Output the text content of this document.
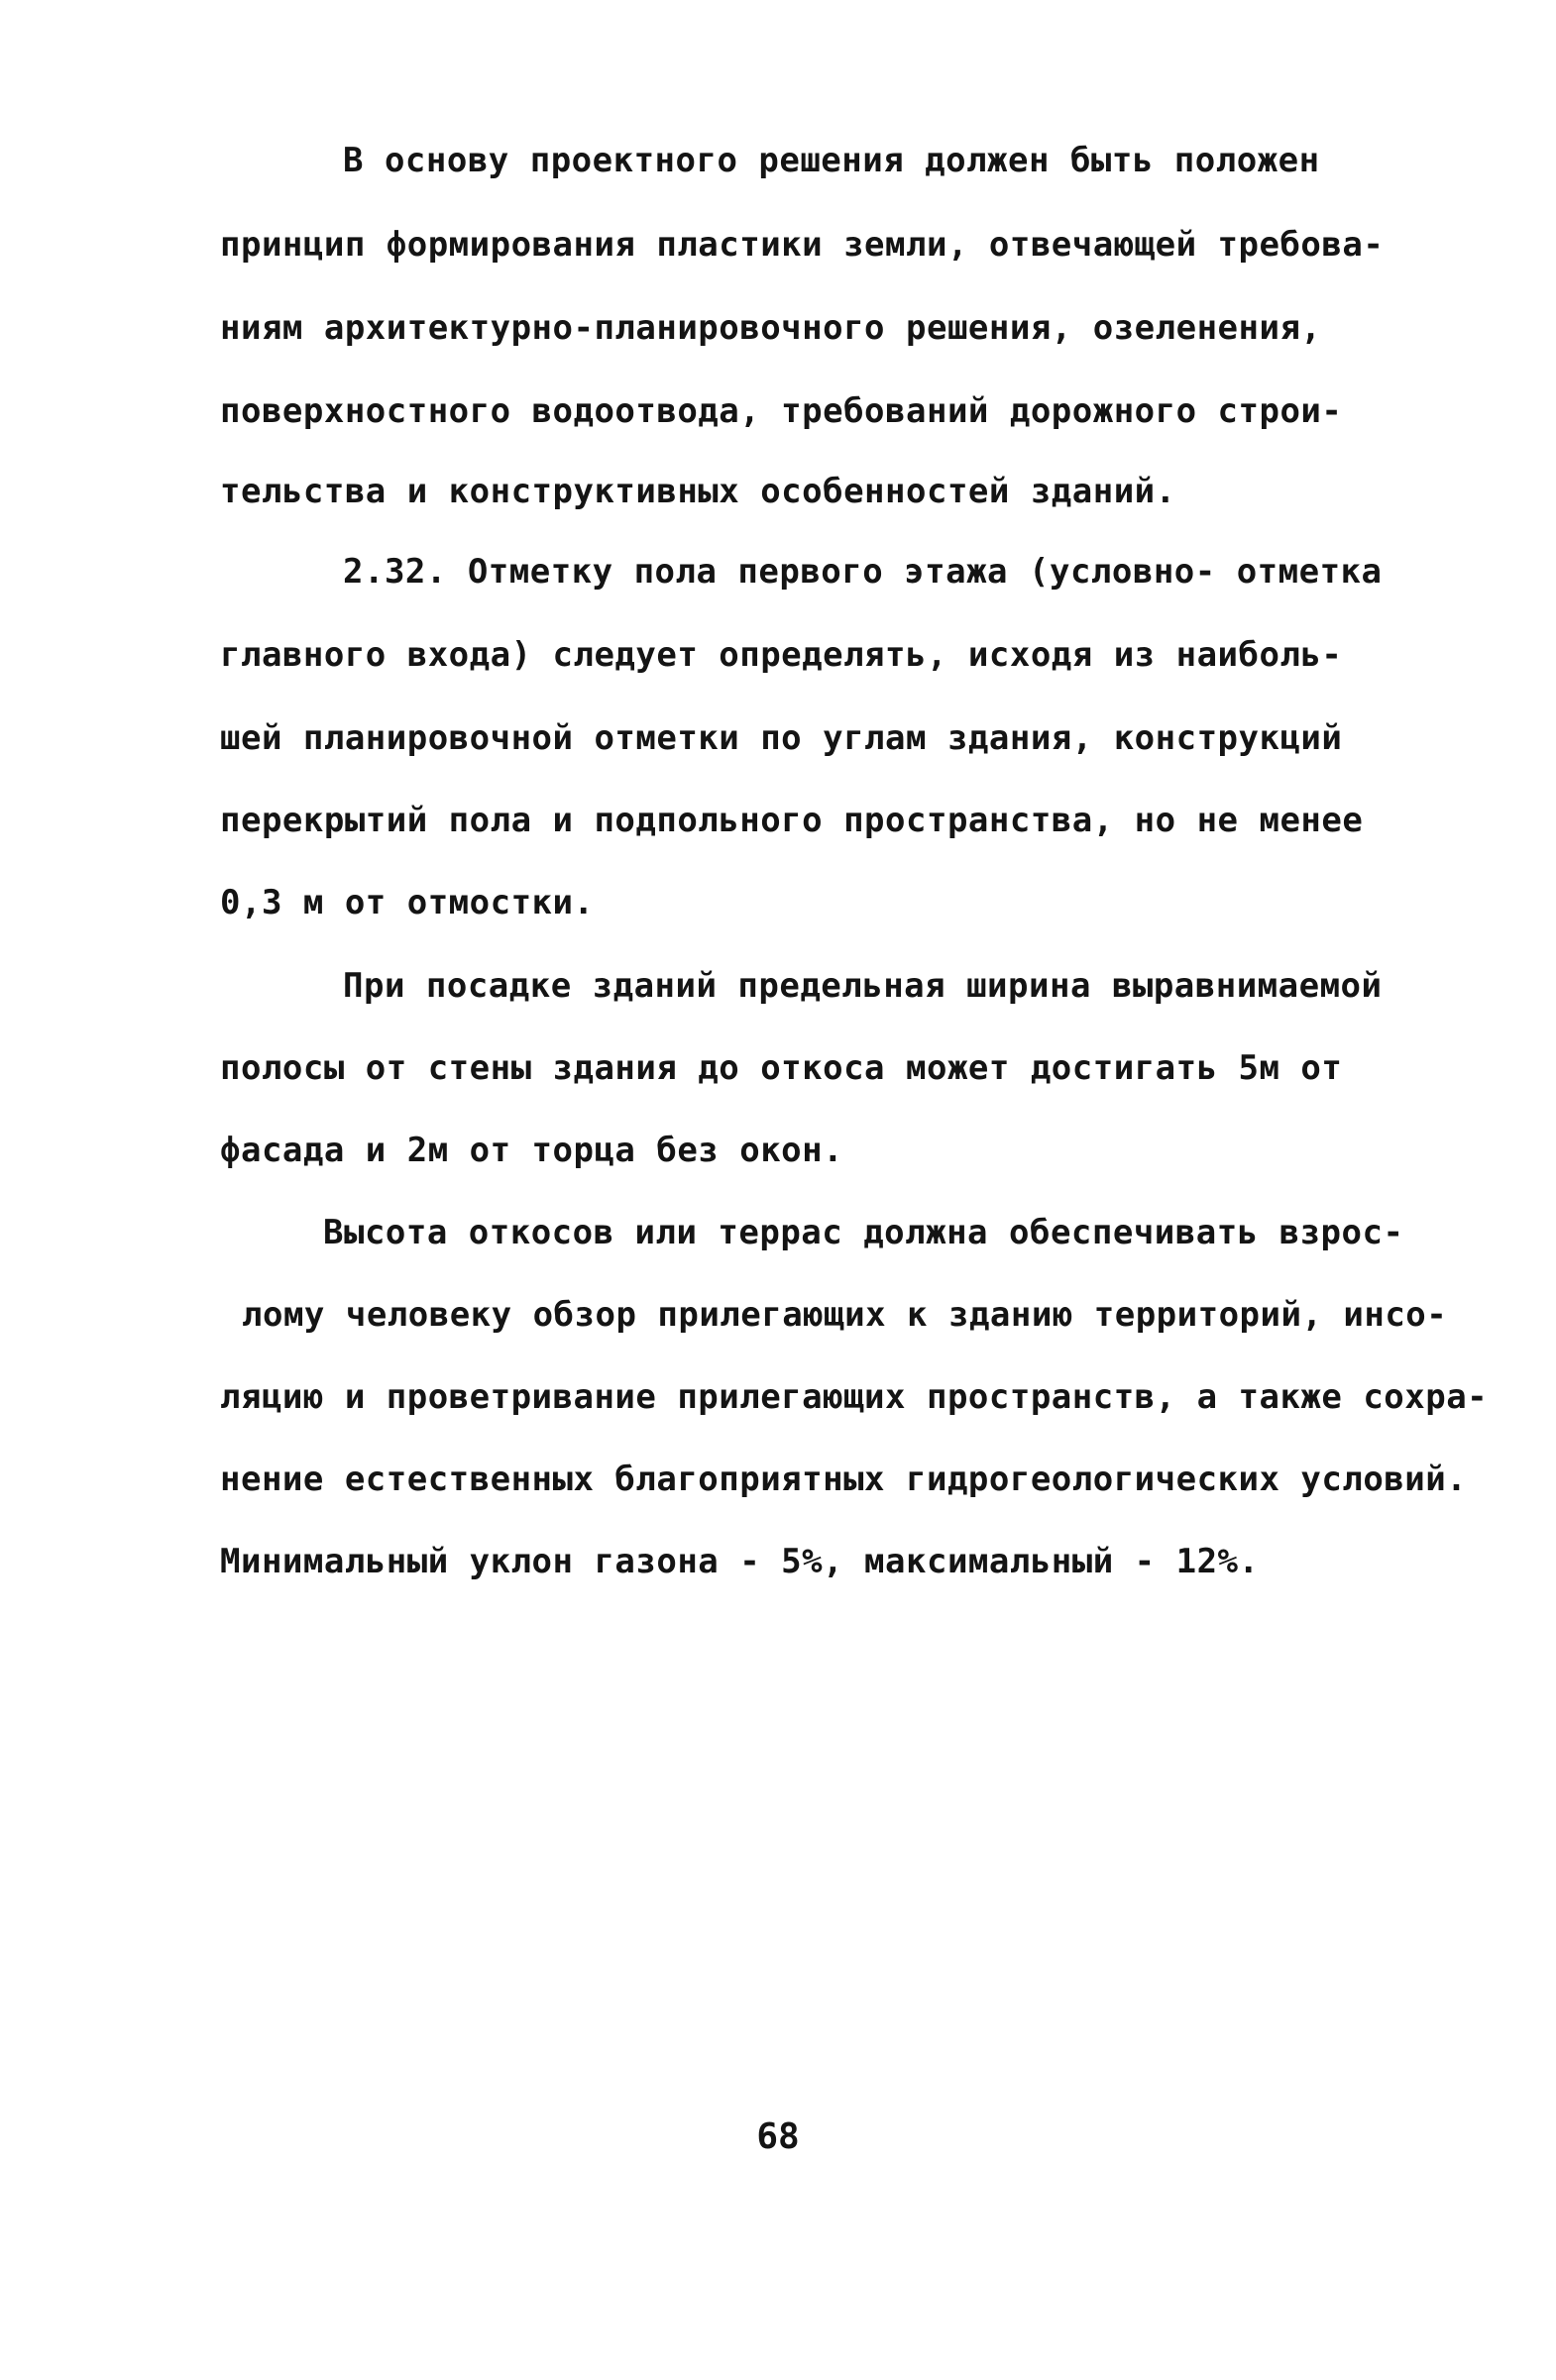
В основу проектного решения должен быть положен

принцип формирования пластики земли, отвечающей требова-

ниям архитектурно-планировочного решения, озеленения,

поверхностного водоотвода, требований дорожного строи-

тельства и конструктивных особенностей зданий.

2.32. Отметку пола первого этажа (условно- отметка

главного входа) следует определять, исходя из наиболь-

шей планировочной отметки по углам здания, конструкций

перекрытий пола и подпольного пространства, но не менее

0,3 м от отмостки.

При посадке зданий предельная ширина выравнимаемой

полосы от стены здания до откоса может достигать 5м от

фасада и 2м от торца без окон.

Высота откосов или террас должна обеспечивать взрос-

лому человеку обзор прилегающих к зданию территорий, инсо-

ляцию и проветривание прилегающих пространств, а также сохра-

нение естественных благоприятных гидрогеологических условий.

Минимальный уклон газона - 5%, максимальный - 12%.

68
